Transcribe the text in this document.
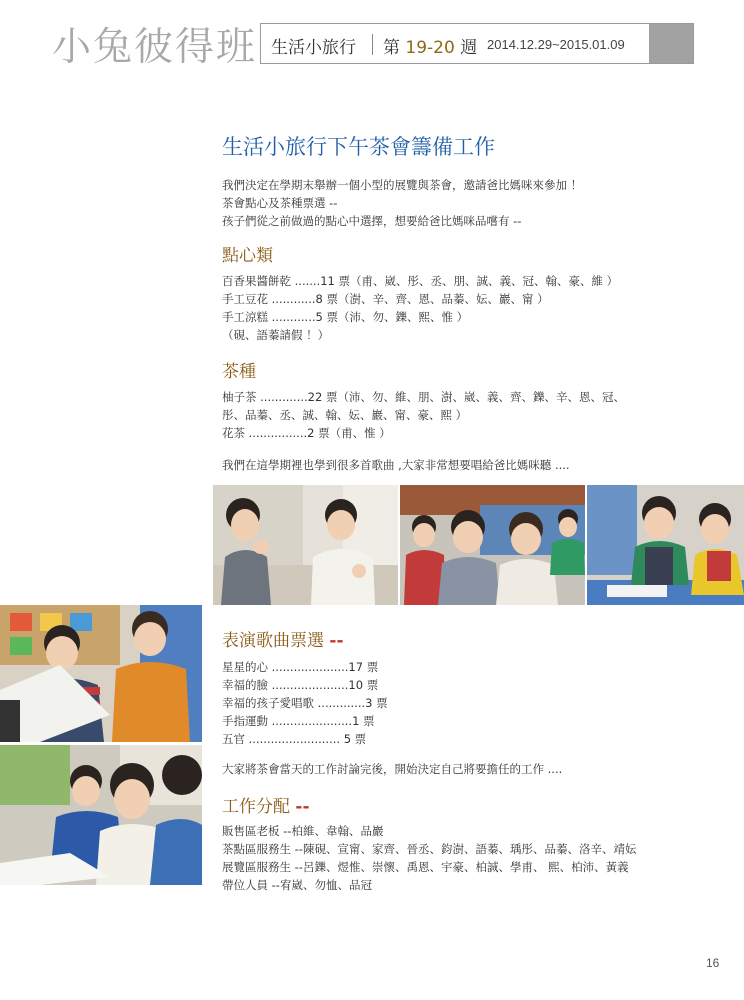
小兔彼得班 生活小旅行 第 19-20 週 2014.12.29~2015.01.09
生活小旅行下午茶會籌備工作
我們決定在學期末舉辦一個小型的展覽與茶會，邀請爸比媽咪來參加 ！
茶會點心及茶種票選 --
孩子們從之前做過的點心中選擇，想要給爸比媽咪品嚐有 --
點心類
百香果醬餅乾 .......11 票（甫、崴、彤、丞、朋、誠、義、冠、翰、豪、維 ）
手工豆花 ............8 票（澍、辛、齊、恩、品蓁、妘、巖、甯 ）
手工涼糕 ............5 票（沛、勿、鑠、熙、惟 ）
（硯、語蓁請假 ！）
茶種
柚子茶 .............22 票（沛、勿、維、朋、澍、崴、義、齊、鑠、辛、恩、冠、
彤、品蓁、丞、誠、翰、妘、巖、甯、豪、熙 ）
花茶 ................2 票（甫、惟 ）
我們在這學期裡也學到很多首歌曲 ,大家非常想要唱給爸比媽咪聽 ....
表演歌曲票選 --
星星的心 .....................17 票
幸福的臉 .....................10 票
幸福的孩子愛唱歌 .............3 票
手指運動 ......................1 票
五官 ......................... 5 票
大家將茶會當天的工作討論完後，開始決定自己將要擔任的工作 ....
工作分配 --
販售區老板 --柏維、韋翰、品巖
茶點區服務生 --陳硯、宣甯、家齊、晉丞、鈞澍、語蓁、瑀彤、品蓁、洛辛、靖妘
展覽區服務生 --呂鑠、煜惟、崇懷、禹恩、宇豪、柏誠、學甫、 熙、柏沛、黃義
帶位人員 --宥崴、勿恤、品冠
16
